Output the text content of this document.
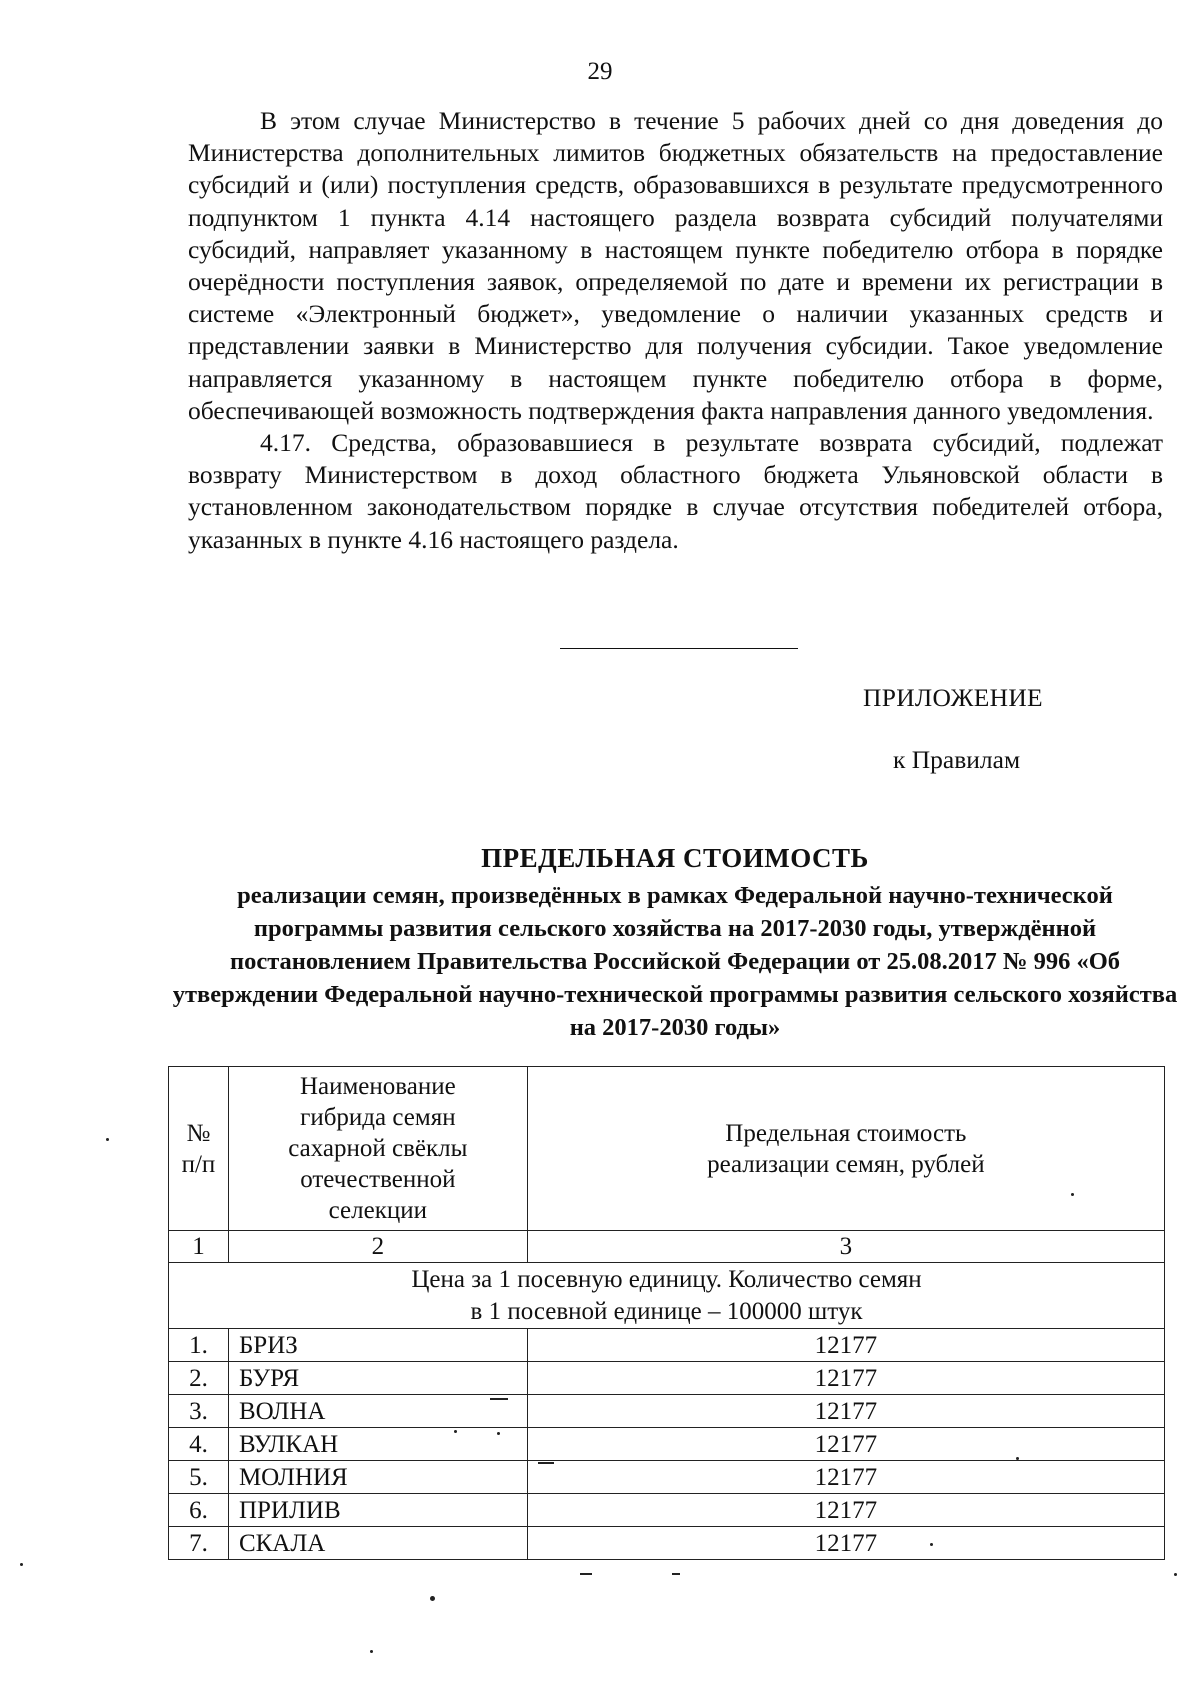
29

В этом случае Министерство в течение 5 рабочих дней со дня доведения до Министерства дополнительных лимитов бюджетных обязательств на предоставление субсидий и (или) поступления средств, образовавшихся в результате предусмотренного подпунктом 1 пункта 4.14 настоящего раздела возврата субсидий получателями субсидий, направляет указанному в настоящем пункте победителю отбора в порядке очерёдности поступления заявок, определяемой по дате и времени их регистрации в системе «Электронный бюджет», уведомление о наличии указанных средств и представлении заявки в Министерство для получения субсидии. Такое уведомление направляется указанному в настоящем пункте победителю отбора в форме, обеспечивающей возможность подтверждения факта направления данного уведомления.

4.17. Средства, образовавшиеся в результате возврата субсидий, подлежат возврату Министерством в доход областного бюджета Ульяновской области в установленном законодательством порядке в случае отсутствия победителей отбора, указанных в пункте 4.16 настоящего раздела.

ПРИЛОЖЕНИЕ
к Правилам
ПРЕДЕЛЬНАЯ СТОИМОСТЬ
реализации семян, произведённых в рамках Федеральной научно-технической программы развития сельского хозяйства на 2017-2030 годы, утверждённой постановлением Правительства Российской Федерации от 25.08.2017 № 996 «Об утверждении Федеральной научно-технической программы развития сельского хозяйства на 2017-2030 годы»
№ п/п	Наименование гибрида семян сахарной свёклы отечественной селекции	Предельная стоимость реализации семян, рублей

1	2	3

Цена за 1 посевную единицу. Количество семян
в 1 посевной единице – 100000 штук		

1.	БРИЗ	12177
2.	БУРЯ	12177
3.	ВОЛНА	12177
4.	ВУЛКАН	12177
5.	МОЛНИЯ	12177
6.	ПРИЛИВ	12177
7.	СКАЛА	12177
